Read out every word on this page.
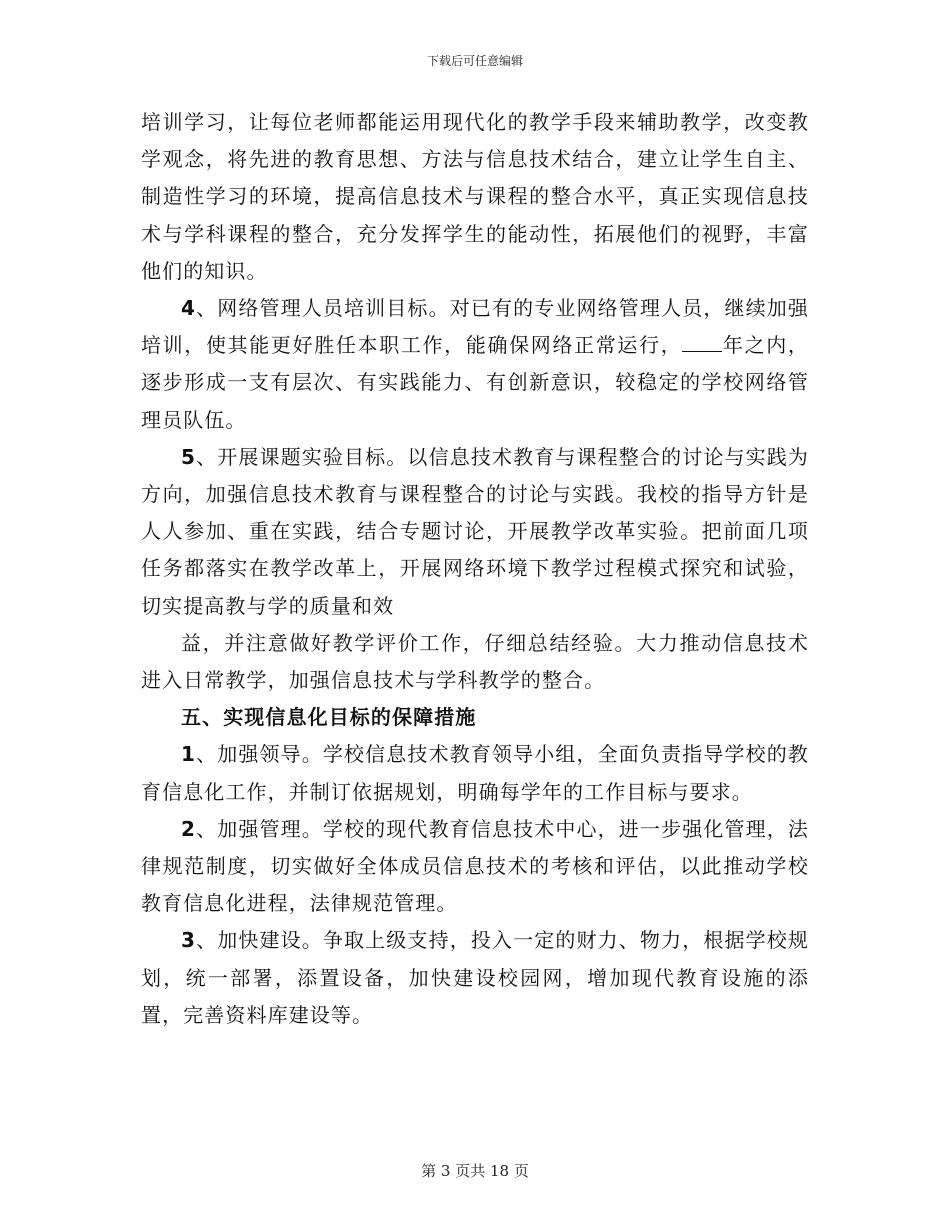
下载后可任意编辑

培训学习，让每位老师都能运用现代化的教学手段来辅助教学，改变教学观念，将先进的教育思想、方法与信息技术结合，建立让学生自主、制造性学习的环境，提高信息技术与课程的整合水平，真正实现信息技术与学科课程的整合，充分发挥学生的能动性，拓展他们的视野，丰富他们的知识。

4、网络管理人员培训目标。对已有的专业网络管理人员，继续加强培训，使其能更好胜任本职工作，能确保网络正常运行， 年之内，逐步形成一支有层次、有实践能力、有创新意识，较稳定的学校网络管理员队伍。

5、开展课题实验目标。以信息技术教育与课程整合的讨论与实践为方向，加强信息技术教育与课程整合的讨论与实践。我校的指导方针是人人参加、重在实践，结合专题讨论，开展教学改革实验。把前面几项任务都落实在教学改革上，开展网络环境下教学过程模式探究和试验，切实提高教与学的质量和效

益，并注意做好教学评价工作，仔细总结经验。大力推动信息技术进入日常教学，加强信息技术与学科教学的整合。

五、实现信息化目标的保障措施

1、加强领导。学校信息技术教育领导小组，全面负责指导学校的教育信息化工作，并制订依据规划，明确每学年的工作目标与要求。

2、加强管理。学校的现代教育信息技术中心，进一步强化管理，法律规范制度，切实做好全体成员信息技术的考核和评估，以此推动学校教育信息化进程，法律规范管理。

3、加快建设。争取上级支持，投入一定的财力、物力，根据学校规划，统一部署，添置设备，加快建设校园网，增加现代教育设施的添置，完善资料库建设等。

第 3 页共 18 页
